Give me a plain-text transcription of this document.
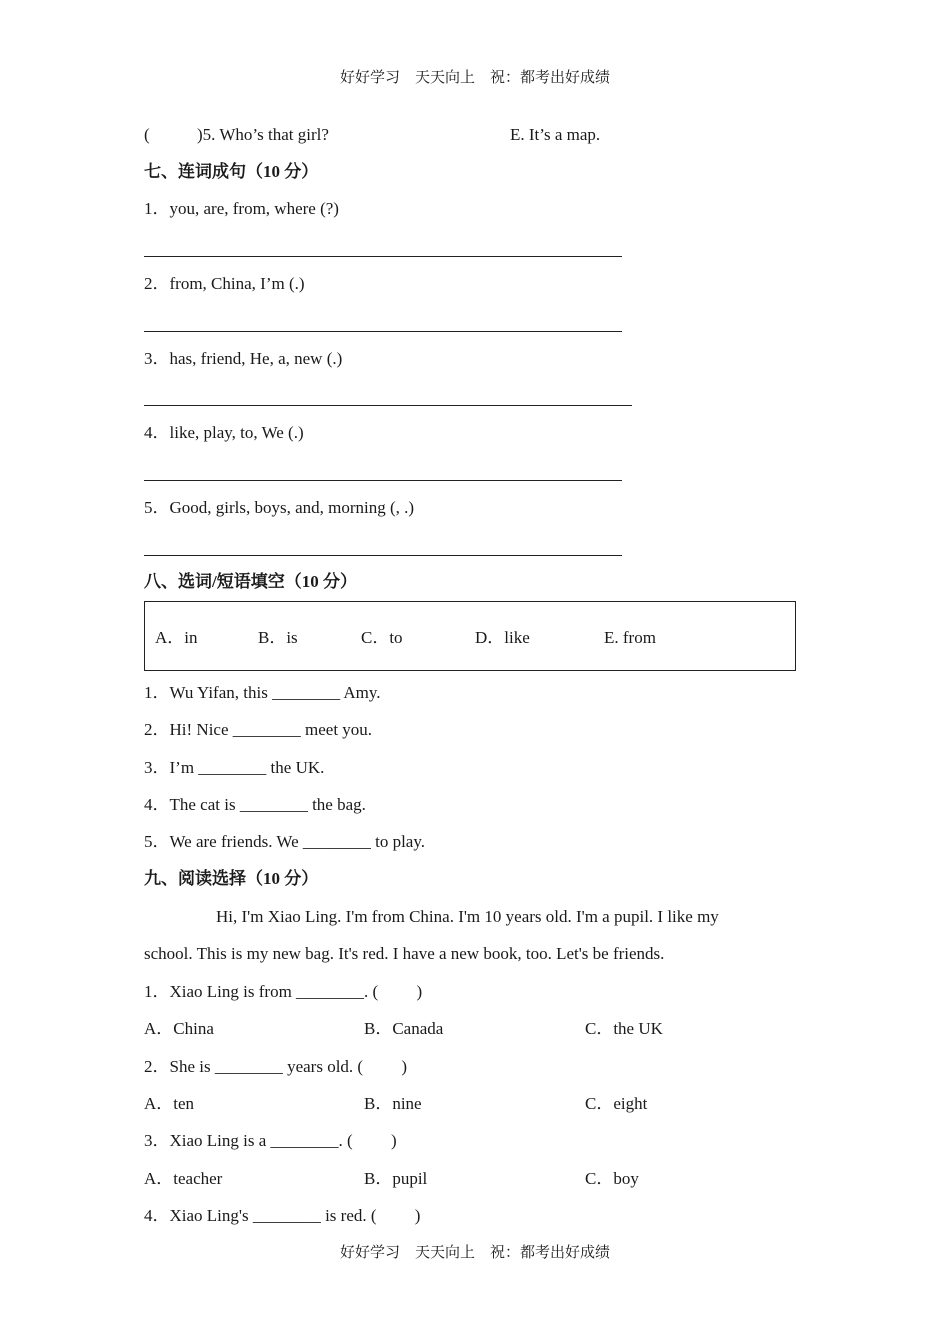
好好学习　天天向上　祝：都考出好成绩
(	)5. Who’s that girl?	E. It’s a map.
七、连词成句（10 分）
1．you, are, from, where (?)
2．from, China, I’m (.)
3．has, friend, He, a, new (.)
4．like, play, to, We (.)
5．Good, girls, boys, and, morning (, .)
八、选词/短语填空（10 分）
A．in	B．is	C．to	D．like	E. from
1．Wu Yifan, this ________ Amy.
2．Hi! Nice ________ meet you.
3．I’m ________ the UK.
4．The cat is ________ the bag.
5．We are friends. We ________ to play.
九、阅读选择（10 分）
Hi, I'm Xiao Ling. I'm from China. I'm 10 years old. I'm a pupil. I like my
school. This is my new bag. It's red. I have a new book, too. Let's be friends.
1．Xiao Ling is from ________. (　　 )
A．China	B．Canada	C．the UK
2．She is ________ years old. (　　 )
A．ten	B．nine	C．eight
3．Xiao Ling is a ________. (　　 )
A．teacher	B．pupil	C．boy
4．Xiao Ling's ________ is red. (　　 )
好好学习　天天向上　祝：都考出好成绩
